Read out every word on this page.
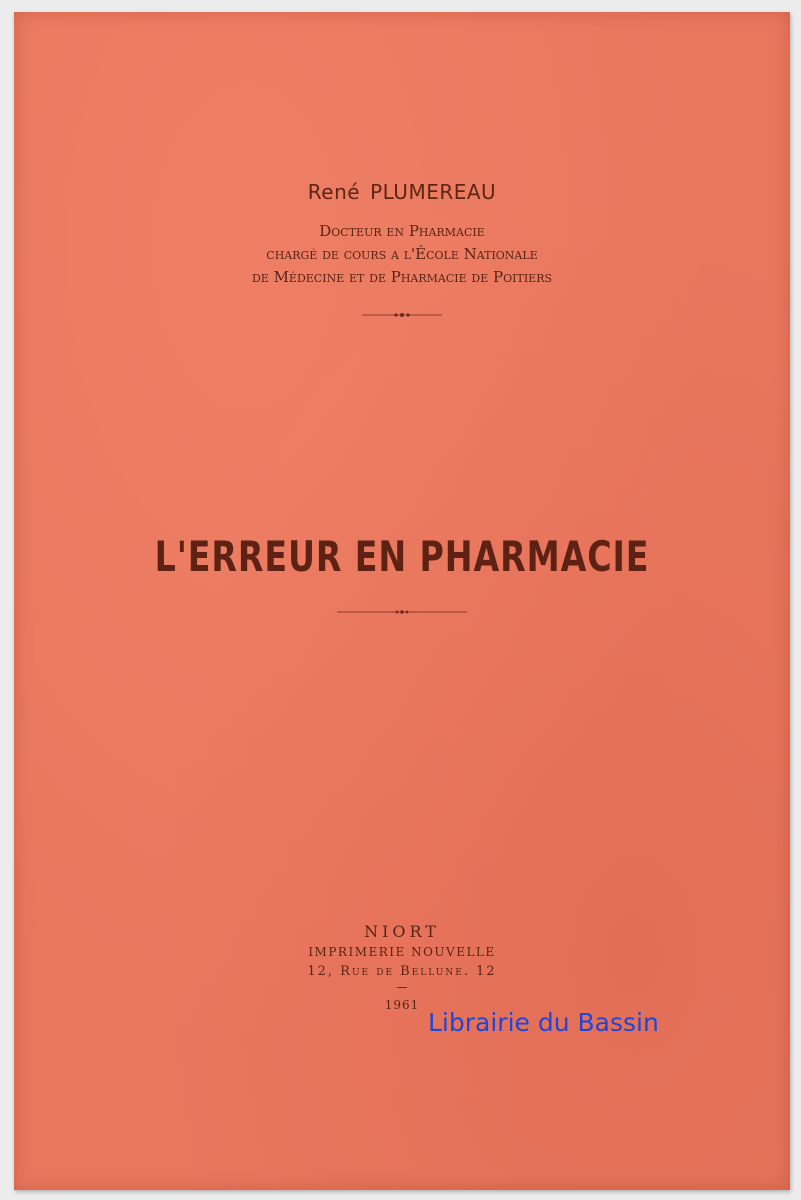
René PLUMEREAU
Docteur en Pharmacie
chargé de cours a l'École Nationale
de Médecine et de Pharmacie de Poitiers
L'ERREUR EN PHARMACIE
NIORT
IMPRIMERIE NOUVELLE
12, Rue de Bellune. 12
1961
Librairie du Bassin
